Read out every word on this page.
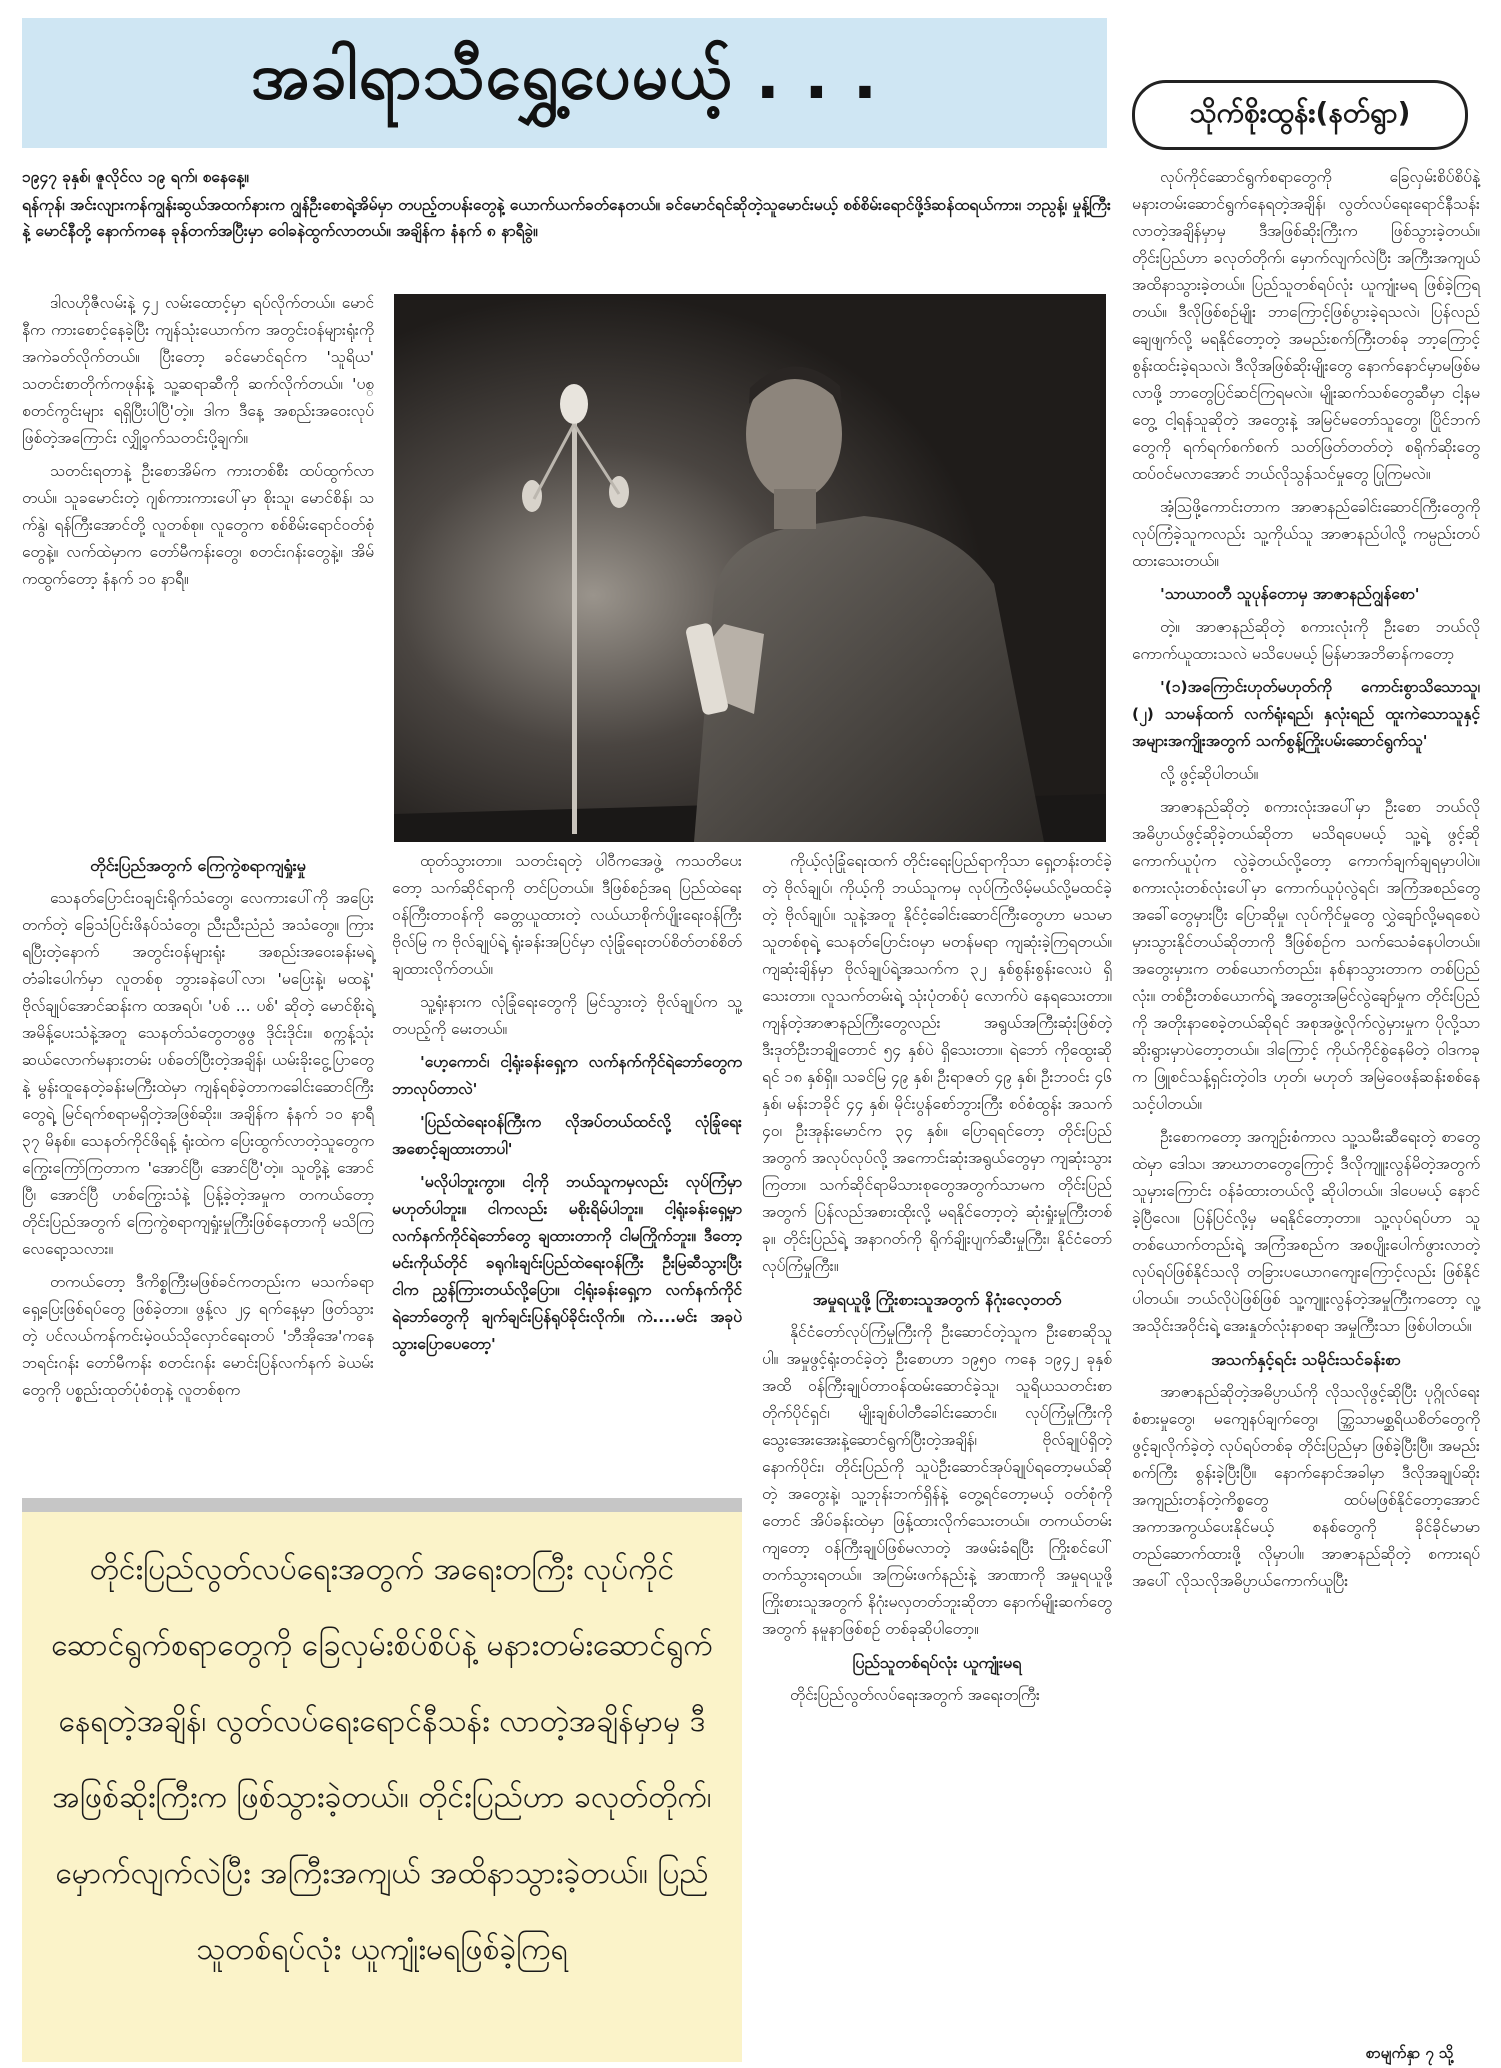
အခါရာသီရွှေ့ပေမယ့် . . .	သိုက်စိုးထွန်း(နတ်ရွာ)

၁၉၄၇ ခုနှစ်၊ ဇူလိုင်လ ၁၉ ရက်၊ စနေနေ့။

ရန်ကုန်၊ အင်းလျားကန်ကျွန်းဆွယ်အထက်နားက ဂျွန်ဦးစောရဲ့အိမ်မှာ တပည့်တပန်းတွေနဲ့ ယောက်ယက်ခတ်နေတယ်။ ခင်မောင်ရင်ဆိုတဲ့သူမောင်းမယ့် စစ်စိမ်းရောင်ဖို့ဒ်ဆန်ထရယ်ကား၊ ဘညွန့်၊ မှုန့်ကြီးနဲ့ မောင်နီတို့ နောက်ကနေ ခုန်တက်အပြီးမှာ ဝေါခနဲထွက်လာတယ်။ အချိန်က နံနက် ၈ နာရီခွဲ။

ဒါလဟိုဇီလမ်းနဲ့ ၄၂ လမ်းထောင့်မှာ ရပ်လိုက်တယ်။ မောင်နီက ကားစောင့်နေခဲ့ပြီး ကျန်သုံးယောက်က အတွင်းဝန်များရုံးကို အကဲခတ်လိုက်တယ်။ ပြီးတော့ ခင်မောင်ရင်က 'သူရိယ' သတင်းစာတိုက်ကဖုန်းနဲ့ သူ့ဆရာဆီကို ဆက်လိုက်တယ်။ 'ပစ္စတင်ကွင်းများ ရရှိပြီးပါပြီ'တဲ့။ ဒါက ဒီနေ့ အစည်းအဝေးလုပ်ဖြစ်တဲ့အကြောင်း လျှို့ဝှက်သတင်းပို့ချက်။

သတင်းရတာနဲ့ ဦးစောအိမ်က ကားတစ်စီး ထပ်ထွက်လာတယ်။ သူခမောင်းတဲ့ ဂျစ်ကားကားပေါ်မှာ စိုးသူ၊ မောင်စိန်၊ သက်နွဲ၊ ရန်ကြီးအောင်တို့ လူတစ်စု။ လူတွေက စစ်စိမ်းရောင်ဝတ်စုံတွေနဲ့။ လက်ထဲမှာက တော်မီကန်းတွေ၊ စတင်းဂန်းတွေနဲ့။ အိမ်ကထွက်တော့ နံနက် ၁၀ နာရီ။

တိုင်းပြည်အတွက် ကြေကွဲစရာကျရှုံးမှု

သေနတ်ပြောင်းဝချင်းရိုက်သံတွေ၊ လေကားပေါ်ကို အပြေးတက်တဲ့ ခြေသံပြင်းဖိနပ်သံတွေ၊ ညီးညီးညံညံ အသံတွေ။ ကြားရပြီးတဲ့နောက် အတွင်းဝန်များရုံး အစည်းအဝေးခန်းမရဲ့ တံခါးပေါက်မှာ လူတစ်စု ဘွားခနဲပေါ်လာ၊ 'မပြေးနဲ့၊ မထနဲ့' ဗိုလ်ချုပ်အောင်ဆန်းက ထအရပ်၊ 'ပစ် ... ပစ်' ဆိုတဲ့ မောင်စိုးရဲ့ အမိန့်ပေးသံနဲ့အတူ သေနတ်သံတွေတဖွဖွ ဒိုင်းဒိုင်း။ စက္ကန့်သုံးဆယ်လောက်မနားတမ်း ပစ်ခတ်ပြီးတဲ့အချိန်၊ ယမ်းခိုးငွေ့ပြာတွေနဲ့ မွန်းထူနေတဲ့ခန်းမကြီးထဲမှာ ကျန်ရစ်ခဲ့တာကခေါင်းဆောင်ကြီးတွေရဲ့ မြင်ရက်စရာမရှိတဲ့အဖြစ်ဆိုး။ အချိန်က နံနက် ၁၀ နာရီ ၃၇ မိနစ်။ သေနတ်ကိုင်ဖိရန့် ရုံးထဲက ပြေးထွက်လာတဲ့သူတွေက ကြွေးကြော်ကြတာက 'အောင်ပြီ၊ အောင်ပြီ'တဲ့။ သူတို့နဲ့ အောင်ပြီ၊ အောင်ပြီ ဟစ်ကြွေးသံနဲ့ ပြန့်ခဲ့တဲ့အမှုက တကယ်တော့ တိုင်းပြည်အတွက် ကြေကွဲစရာကျရှုံးမှုကြီးဖြစ်နေတာကို မသိကြလေရော့သလား။

တကယ်တော့ ဒီကိစ္စကြီးမဖြစ်ခင်ကတည်းက မသက်ခရာ ရှေ့ပြေးဖြစ်ရပ်တွေ ဖြစ်ခဲ့တာ။ ဖွန့်လ ၂၄ ရက်နေ့မှာ ဖြတ်သွားတဲ့ ပင်လယ်ကန်ကင်းမဲ့ဝယ်သိုလှောင်ရေးတပ် 'ဘီအိုအေ'ကနေ ဘရင်းဂန်း တော်မီကန်း စတင်းဂန်း မောင်းပြန်လက်နက် ခဲယမ်းတွေကို ပစ္စည်းထုတ်ပုံစံတုနဲ့ လူတစ်စုက

ထုတ်သွားတာ။ သတင်းရတဲ့ ပါဝီကအေဖွဲ့ ကသတိပေးတော့ သက်ဆိုင်ရာကို တင်ပြတယ်။ ဒီဖြစ်စဉ်အရ ပြည်ထဲရေးဝန်ကြီးတာဝန်ကို ခေတ္တယူထားတဲ့ လယ်ယာစိုက်ပျိုးရေးဝန်ကြီး ဗိုလ်မြ က ဗိုလ်ချုပ်ရဲ့ ရုံးခန်းအပြင်မှာ လုံခြုံရေးတပ်စိတ်တစ်စိတ် ချထားလိုက်တယ်။

သူ့ရုံးနားက လုံခြုံရေးတွေကို မြင်သွားတဲ့ ဗိုလ်ချုပ်က သူ့တပည့်ကို မေးတယ်။

'ဟေ့ကောင်၊ ငါ့ရုံးခန်းရှေ့က လက်နက်ကိုင်ရဲဘော်တွေက ဘာလုပ်တာလဲ'

'ပြည်ထဲရေးဝန်ကြီးက လိုအပ်တယ်ထင်လို့ လုံခြုံရေးအစောင့်ချထားတာပါ'

'မလိုပါဘူးကွာ။ ငါ့ကို ဘယ်သူကမှလည်း လုပ်ကြံမှာမဟုတ်ပါဘူး။ ငါကလည်း မစိုးရိမ်ပါဘူး။ ငါ့ရုံးခန်းရှေ့မှာ လက်နက်ကိုင်ရဲဘော်တွေ ချထားတာကို ငါမကြိုက်ဘူး။ ဒီတော့ မင်းကိုယ်တိုင် ခရုဂါးချင်းပြည်ထဲရေးဝန်ကြီး ဦးမြဆီသွားပြီး ငါက ညွှန်ကြားတယ်လို့ပြော။ ငါ့ရုံးခန်းရှေ့က လက်နက်ကိုင် ရဲဘော်တွေကို ချက်ချင်းပြန်ရုပ်ခိုင်းလိုက်။ ကဲ....မင်း အခုပဲ သွားပြောပေတော့'

ကိုယ့်လုံခြုံရေးထက် တိုင်းရေးပြည်ရာကိုသာ ရှေ့တန်းတင်ခဲ့တဲ့ ဗိုလ်ချုပ်၊ ကိုယ့်ကို ဘယ်သူကမှ လုပ်ကြံလိမ့်မယ်လို့မထင်ခဲ့တဲ့ ဗိုလ်ချုပ်။ သူနဲ့အတူ နိုင်ငံ့ခေါင်းဆောင်ကြီးတွေဟာ မသမာသူတစ်စုရဲ့ သေနတ်ပြောင်းဝမှာ မတန်မရာ ကျဆုံးခဲ့ကြရတယ်။ ကျဆုံးချိန်မှာ ဗိုလ်ချုပ်ရဲ့အသက်က ၃၂ နှစ်စွန်းစွန်းလေးပဲ ရှိသေးတာ။ လူသက်တမ်းရဲ့ သုံးပုံတစ်ပုံ လောက်ပဲ နေရသေးတာ။ ကျန်တဲ့အာဇာနည်ကြီးတွေလည်း အရွယ်အကြီးဆုံးဖြစ်တဲ့ ဒီးဒုတ်ဦးဘချိုတောင် ၅၄ နှစ်ပဲ ရှိသေးတာ။ ရဲဘော် ကိုထွေးဆိုရင် ၁၈ နှစ်ရှိ။ သခင်မြ ၄၉ နှစ်၊ ဦးရာဇတ် ၄၉ နှစ်၊ ဦးဘဝင်း ၄၆ နှစ်၊ မန်းဘခိုင် ၄၄ နှစ်၊ မိုင်းပွန်စော်ဘွားကြီး စဝ်စံထွန်း အသက် ၄၀၊ ဦးအုန်းမောင်က ၃၄ နှစ်။ ပြောရရင်တော့ တိုင်းပြည်အတွက် အလုပ်လုပ်လို့ အကောင်းဆုံးအရွယ်တွေမှာ ကျဆုံးသွားကြတာ။ သက်ဆိုင်ရာမိသားစုတွေအတွက်သာမက တိုင်းပြည်အတွက် ပြန်လည်အစားထိုးလို့ မရနိုင်တော့တဲ့ ဆုံးရှုံးမှုကြီးတစ်ခု။ တိုင်းပြည်ရဲ့ အနာဂတ်ကို ရိုက်ချိုးပျက်ဆီးမှုကြီး၊ နိုင်ငံတော်လုပ်ကြံမှုကြီး။

အမှုရယူဖို့ ကြိုးစားသူအတွက် နိဂုံးလေ့တတ်

နိုင်ငံတော်လုပ်ကြံမှုကြီးကို ဦးဆောင်တဲ့သူက ဦးစောဆိုသူပါ။ အမှုဖွင့်ရုံးတင်ခဲ့တဲ့ ဦးစောဟာ ၁၉၅၀ ကနေ ၁၉၄၂ ခုနှစ်အထိ ဝန်ကြီးချုပ်တာဝန်ထမ်းဆောင်ခဲ့သူ၊ သူရိယသတင်းစာတိုက်ပိုင်ရှင်၊ မျိုးချစ်ပါတီခေါင်းဆောင်။ လုပ်ကြံမှုကြီးကို သွေးအေးအေးနဲ့ဆောင်ရွက်ပြီးတဲ့အချိန်၊ ဗိုလ်ချုပ်ရှိတဲ့နောက်ပိုင်း၊ တိုင်းပြည်ကို သူပဲဦးဆောင်အုပ်ချုပ်ရတော့မယ်ဆိုတဲ့ အတွေးနဲ့၊ သူ့ဘုန်းဘက်ရှိန်နဲ့ တွေ့ရင်တော့မယ့် ဝတ်စုံကိုတောင် အိပ်ခန်းထဲမှာ ဖြန့်ထားလိုက်သေးတယ်။ တကယ်တမ်းကျတော့ ဝန်ကြီးချုပ်ဖြစ်မလာတဲ့ အဖမ်းခံရပြီး ကြိုးစင်ပေါ် တက်သွားရတယ်။ အကြမ်းဖက်နည်းနဲ့ အာဏာကို အမှုရယူဖို့ ကြိုးစားသူအတွက် နိဂုံးမလှတတ်ဘူးဆိုတာ နောက်မျိုးဆက်တွေအတွက် နမူနာဖြစ်စဉ် တစ်ခုဆိုပါတော့။

ပြည်သူတစ်ရပ်လုံး ယူကျုံးမရ

တိုင်းပြည်လွတ်လပ်ရေးအတွက် အရေးတကြီး

လုပ်ကိုင်ဆောင်ရွက်စရာတွေကို ခြေလှမ်းစိပ်စိပ်နဲ့ မနားတမ်းဆောင်ရွက်နေရတဲ့အချိန်၊ လွတ်လပ်ရေးရောင်နီသန်းလာတဲ့အချိန်မှာမှ ဒီအဖြစ်ဆိုးကြီးက ဖြစ်သွားခဲ့တယ်။ တိုင်းပြည်ဟာ ခလုတ်တိုက်၊ မှောက်လျက်လဲပြီး အကြီးအကျယ် အထိနာသွားခဲ့တယ်။ ပြည်သူတစ်ရပ်လုံး ယူကျုံးမရ ဖြစ်ခဲ့ကြရတယ်။ ဒီလိုဖြစ်စဉ်မျိုး ဘာကြောင့်ဖြစ်ပွားခဲ့ရသလဲ၊ ပြန်လည်ချေဖျက်လို့ မရနိုင်တော့တဲ့ အမည်းစက်ကြီးတစ်ခု ဘာ့ကြောင့်စွန်းထင်းခဲ့ရသလဲ၊ ဒီလိုအဖြစ်ဆိုးမျိုးတွေ နောက်နောင်မှာမဖြစ်မလာဖို့ ဘာတွေပြင်ဆင်ကြရမလဲ။ မျိုးဆက်သစ်တွေဆီမှာ ငါ့နမတွေ့ ငါ့ရန်သူဆိုတဲ့ အတွေးနဲ့ အမြင်မတော်သူတွေ၊ ပြိုင်ဘက်တွေကို ရက်ရက်စက်စက် သတ်ဖြတ်တတ်တဲ့ စရိုက်ဆိုးတွေ ထပ်ဝင်မလာအောင် ဘယ်လိုသွန်သင်မှုတွေ ပြုကြမလဲ။

အံ့သြဖို့ကောင်းတာက အာဇာနည်ခေါင်းဆောင်ကြီးတွေကို လုပ်ကြံခဲ့သူကလည်း သူ့ကိုယ်သူ အာဇာနည်ပါလို့ ကမ္ပည်းတပ်ထားသေးတယ်။

'သာယာဝတီ သူပုန်တောမှ အာဇာနည်ဂျွန်စော'

တဲ့။ အာဇာနည်ဆိုတဲ့ စကားလုံးကို ဦးစော ဘယ်လိုကောက်ယူထားသလဲ မသိပေမယ့် မြန်မာအဘိဓာန်ကတော့

'(၁)အကြောင်းဟုတ်မဟုတ်ကို ကောင်းစွာသိသောသူ၊ (၂) သာမန်ထက် လက်ရုံးရည်၊ နှလုံးရည် ထူးကဲသောသူနှင့် အများအကျိုးအတွက် သက်စွန့်ကြိုးပမ်းဆောင်ရွက်သူ'

လို့ ဖွင့်ဆိုပါတယ်။

အာဇာနည်ဆိုတဲ့ စကားလုံးအပေါ်မှာ ဦးစော ဘယ်လိုအဓိပ္ပာယ်ဖွင့်ဆိုခဲ့တယ်ဆိုတာ မသိရပေမယ့် သူ့ရဲ့ ဖွင့်ဆိုကောက်ယူပုံက လွဲခဲ့တယ်လို့တော့ ကောက်ချက်ချရမှာပါပဲ။ စကားလုံးတစ်လုံးပေါ်မှာ ကောက်ယူပုံလွဲရင်၊ အကြံအစည်တွေ အခေါ်တွေမှားပြီး ပြောဆိုမှု၊ လုပ်ကိုင်မှုတွေ လွှဲချော်လို့မရစေပဲ မှားသွားနိုင်တယ်ဆိုတာကို ဒီဖြစ်စဉ်က သက်သေခံနေပါတယ်။ အတွေးမှားက တစ်ယောက်တည်း၊ နစ်နာသွားတာက တစ်ပြည်လုံး။ တစ်ဦးတစ်ယောက်ရဲ့ အတွေးအမြင်လွဲချော်မှုက တိုင်းပြည်ကို အတိုးနာစေခဲ့တယ်ဆိုရင် အစုအဖွဲ့လိုက်လွဲမှားမှုက ပိုလို့သာ ဆိုးရွားမှာပဲတော့တယ်။ ဒါကြောင့် ကိုယ်ကိုင်စွဲနေမိတဲ့ ဝါဒကခုက ဖြူစင်သန့်ရှင်းတဲ့ဝါဒ ဟုတ်၊ မဟုတ် အမြဲဝေဖန်ဆန်းစစ်နေသင့်ပါတယ်။

ဦးစောကတော့ အကျဉ်းစံကာလ သူ့သမီးဆီရေးတဲ့ စာတွေထဲမှာ ဒေါသ၊ အာဃာတတွေကြောင့် ဒီလိုကျူးလွန်မိတဲ့အတွက် သူမှားကြောင်း ဝန်ခံထားတယ်လို့ ဆိုပါတယ်။ ဒါပေမယ့် နောင်ခဲ့ပြီလေ။ ပြန်ပြင်လို့မှ မရနိုင်တော့တာ။ သူ့လုပ်ရပ်ဟာ သူတစ်ယောက်တည်းရဲ့ အကြံအစည်က အစပျိုးပေါက်ဖွားလာတဲ့ လုပ်ရပ်ဖြစ်နိုင်သလို တခြားပယောဂကျေးကြောင့်လည်း ဖြစ်နိုင်ပါတယ်။ ဘယ်လိုပဲဖြစ်ဖြစ် သူ့ကျူးလွန်တဲ့အမှုကြီးကတော့ လူ့အသိုင်းအဝိုင်းရဲ့ အေးနှုတ်လုံးနာစရာ အမှုကြီးသာ ဖြစ်ပါတယ်။

အသက်နှင့်ရင်း သမိုင်းသင်ခန်းစာ

အာဇာနည်ဆိုတဲ့အဓိပ္ပာယ်ကို လိုသလိုဖွင့်ဆိုပြီး ပုဂ္ဂိုလ်ရေးစံစားမှုတွေ၊ မကျေနပ်ချက်တွေ၊ ဘ္ကြသာမစ္ဆရိယစိတ်တွေကို ဖွင့်ချလိုက်ခဲ့တဲ့ လုပ်ရပ်တစ်ခု တိုင်းပြည်မှာ ဖြစ်ခဲ့ပြီးပြီ။ အမည်းစက်ကြီး စွန်းခဲ့ပြီးပြီ။ နောက်နောင်အခါမှာ ဒီလိုအချုပ်ဆိုးအကျည်းတန်တဲ့ကိစ္စတွေ ထပ်မဖြစ်နိုင်တော့အောင် အကာအကွယ်ပေးနိုင်မယ့် စနစ်တွေကို ခိုင်ခိုင်မာမာတည်ဆောက်ထားဖို့ လိုမှာပါ။ အာဇာနည်ဆိုတဲ့ စကားရပ်အပေါ် လိုသလိုအဓိပ္ပာယ်ကောက်ယူပြီး

တိုင်းပြည်လွတ်လပ်ရေးအတွက် အရေးတကြီး လုပ်ကိုင်ဆောင်ရွက်စရာတွေကို ခြေလှမ်းစိပ်စိပ်နဲ့ မနားတမ်းဆောင်ရွက်နေရတဲ့အချိန်၊ လွတ်လပ်ရေးရောင်နီသန်း လာတဲ့အချိန်မှာမှ ဒီအဖြစ်ဆိုးကြီးက ဖြစ်သွားခဲ့တယ်။ တိုင်းပြည်ဟာ ခလုတ်တိုက်၊ မှောက်လျက်လဲပြီး အကြီးအကျယ် အထိနာသွားခဲ့တယ်။ ပြည်သူတစ်ရပ်လုံး ယူကျုံးမရဖြစ်ခဲ့ကြရ
စာမျက်နှာ ၇ သို့
